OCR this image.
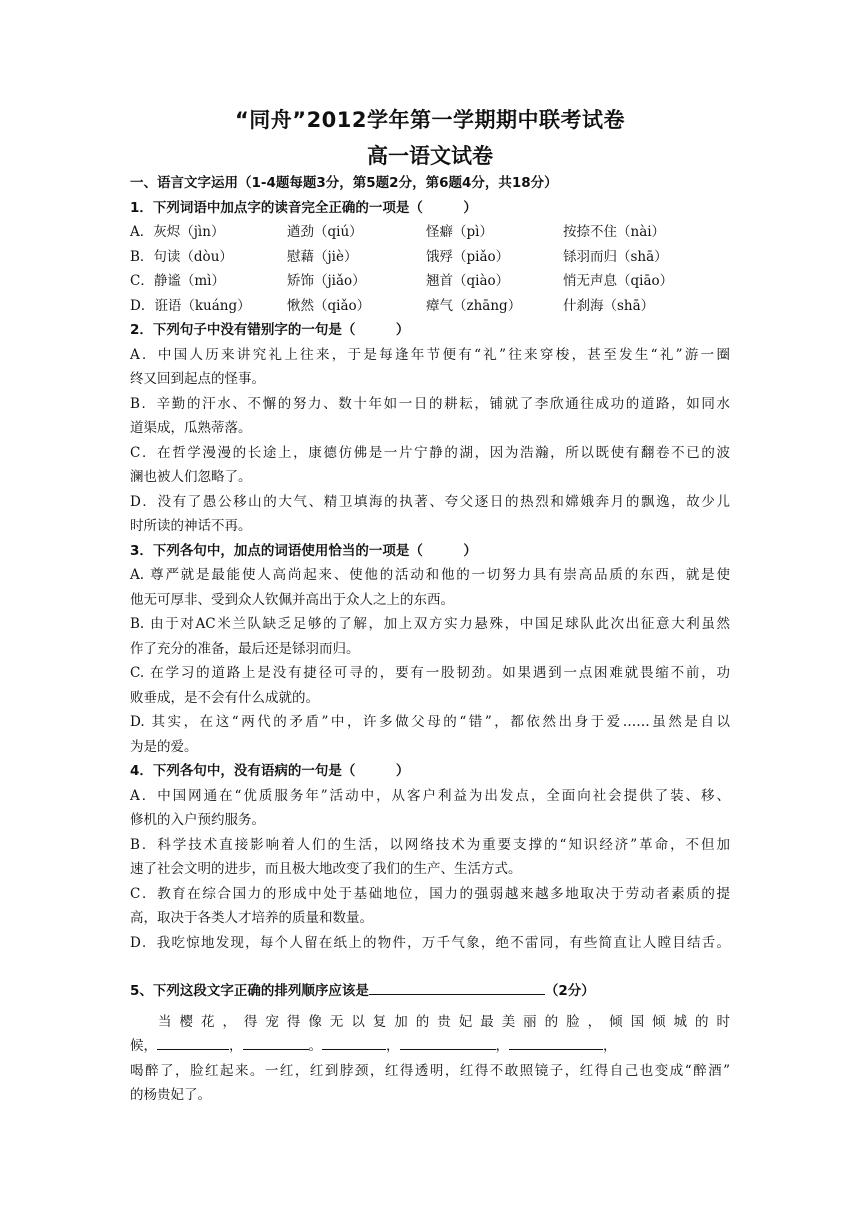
“同舟”2012学年第一学期期中联考试卷
高一语文试卷
一、语言文字运用（1-4题每题3分，第5题2分，第6题4分，共18分）
1．下列词语中加点字的读音完全正确的一项是（　　　）
A．灰烬（jìn）	遒劲（qiú）	怪癖（pì）	按捺不住（nài）
B．句读（dòu）	慰藉（jiè）	饿殍（piǎo）	铩羽而归（shā）
C．静谧（mì）	矫饰（jiǎo）	翘首（qiào）	悄无声息（qiāo）
D．诳语（kuáng）	愀然（qiǎo）	瘴气（zhāng）	什刹海（shā）
2．下列句子中没有错别字的一句是（　　　）
A．中国人历来讲究礼上往来，于是每逢年节便有“礼”往来穿梭，甚至发生“礼”游一圈
终又回到起点的怪事。
B．辛勤的汗水、不懈的努力、数十年如一日的耕耘，铺就了李欣通往成功的道路，如同水
道渠成，瓜熟蒂落。
C．在哲学漫漫的长途上，康德仿佛是一片宁静的湖，因为浩瀚，所以既使有翻卷不已的波
澜也被人们忽略了。
D．没有了愚公移山的大气、精卫填海的执著、夸父逐日的热烈和嫦娥奔月的飘逸，故少儿
时所读的神话不再。
3．下列各句中，加点的词语使用恰当的一项是（　　　）
A. 尊严就是最能使人高尚起来、使他的活动和他的一切努力具有崇高品质的东西，就是使
他无可厚非、受到众人钦佩并高出于众人之上的东西。
B. 由于对AC米兰队缺乏足够的了解，加上双方实力悬殊，中国足球队此次出征意大利虽然
作了充分的准备，最后还是铩羽而归。
C. 在学习的道路上是没有捷径可寻的，要有一股韧劲。如果遇到一点困难就畏缩不前，功
败垂成，是不会有什么成就的。
D. 其实，在这“两代的矛盾”中，许多做父母的“错”，都依然出身于爱……虽然是自以
为是的爱。
4．下列各句中，没有语病的一句是（　　　）
A．中国网通在“优质服务年”活动中，从客户利益为出发点，全面向社会提供了装、移、
修机的入户预约服务。
B．科学技术直接影响着人们的生活，以网络技术为重要支撑的“知识经济”革命，不但加
速了社会文明的进步，而且极大地改变了我们的生产、生活方式。
C．教育在综合国力的形成中处于基础地位，国力的强弱越来越多地取决于劳动者素质的提
高，取决于各类人才培养的质量和数量。
D．我吃惊地发现，每个人留在纸上的物件，万千气象，绝不雷同，有些简直让人瞠目结舌。
5、下列这段文字正确的排列顺序应该是	（2分）
当樱花，得宠得像无以复加的贵妃最美丽的脸，倾国倾城的时
候，	，	。	，	，	，
喝醉了，脸红起来。一红，红到脖颈，红得透明，红得不敢照镜子，红得自己也变成“醉酒”
的杨贵妃了。
